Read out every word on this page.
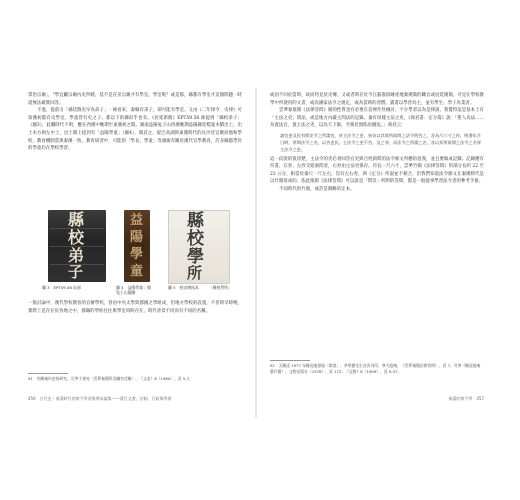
掌治宗廟」，"學宜屬宗廟內史所轄，基不是宣帝宗廟才有學室。學室呢？或是都，縣都有學室才這個問題一時還無法確實回答。

不過，從前引「縣廷散吏早為弟子」一條看來，秦縣有弟子，即可能有學室。又由《二年律令．史律》可知漢初都有史學室，學童皆有史之子。都以下的縣似乎也有。《居延新簡》EPT59.58 條提到「縣校弟子」（圖3），此職時代不明，應在西漢中晚期至東漢初之間。湖南益陽兔子山西漢晚期益陽縣廷檔案木牘出土，出土木方則左中上，出土簡上提到有「益陽學童」（圖4），簡頁之，從巴高湖與東漢時代的長沙近官聚居地和學校，教育機制當與秦漢一致，教育研習中，可能的「學長、學童」等頭銜有關於漢代官學教育，許多縣都學宮的學童均在學校學習。

縣
校
弟
子
益
陽
學
童
縣
校
學
所
圖 3　EPT59.58 局部	圖 4　益陽學童」簡　　　兔子山簡牘
圖 5　校官碑拓本　　　「縣校學所」

一般討論中，漢代學校教育的官辦學校，曾由中央太學與郡國之學組成，但地方學校的設置，不但時早時晚，實際上是存在於各地之中，郡縣的學校往往與學室同時存在，時代背景不同而有不同的名稱。

91　有關秦內史的研究，可參于豪亮〈雲夢秦簡所見職官述略〉，《文史》8（1980），頁 5-7。
456　古代史｜秦漢時代的律令學習與傳承論集——漢代文書、法制、行政與學術

或因不同於當時，故而特見於史傳，又或者時存於今江蘇淮陰睡虎地秦漢簡的職官或居延漢簡，可見在學校教學中所使用的文書，或為國家法令之規定，或為當時的習慣。讀書以學習為主，並有學生、學子為業者。

雲夢秦墓簡《法律答問》簡的性質也有必要在這裡作些檢討。不少學者以為是律說，我覺得這是基本上有「主法之吏」問法，或是地方內嚴主問法的記錄。秦有同樣主法之吏，《商君書．定分篇》說：「聖人為法……為置法官，置主法之吏，以為天下師，令萬民無陷於險危。」商君云：

諸官吏及民有問法令之所謂也，於主法令之吏，皆各以其故所欲問之法令明告之。各為尺六寸之符，明書年月日時，所問法令之名，以告吏民。主法令之吏不告，及之罪，而法令之所謂之名，各以其所欲問之法令之名罪主法令之吏。

這一段說的很清楚，主法令的吏必須回答官吏與百姓詢問的法令條文所應的意義，並且要做成記錄。記錄應有符書，在券、左券交給詢問者，右券由主法吏保存。符長一尺六寸，雲夢竹簡《法律答問》的部分長約 22 至 23 公分，相當於秦尺一尺左右，沒有左右券，與《定分》所說並不相合，但我們知道法令條文在秦漢時代是以竹簡寫成的。依此推測《法律答問》可以說是「問答」所附的答問，都是一般從事學習法令者的參考手冊。

不同時代的竹簡，或許是簡略的定本。

92　天睡虎 1977 年睡虎地發現「律說」，李學勤先生首次刊印，參大庭脩，《雲夢秦簡法律答問》，頁 7。另參《睡虎地秦墓竹簡》，文物出版社（1978），頁 172；《文物》8（1999），頁 9-37。
秦漢的律令學　457
